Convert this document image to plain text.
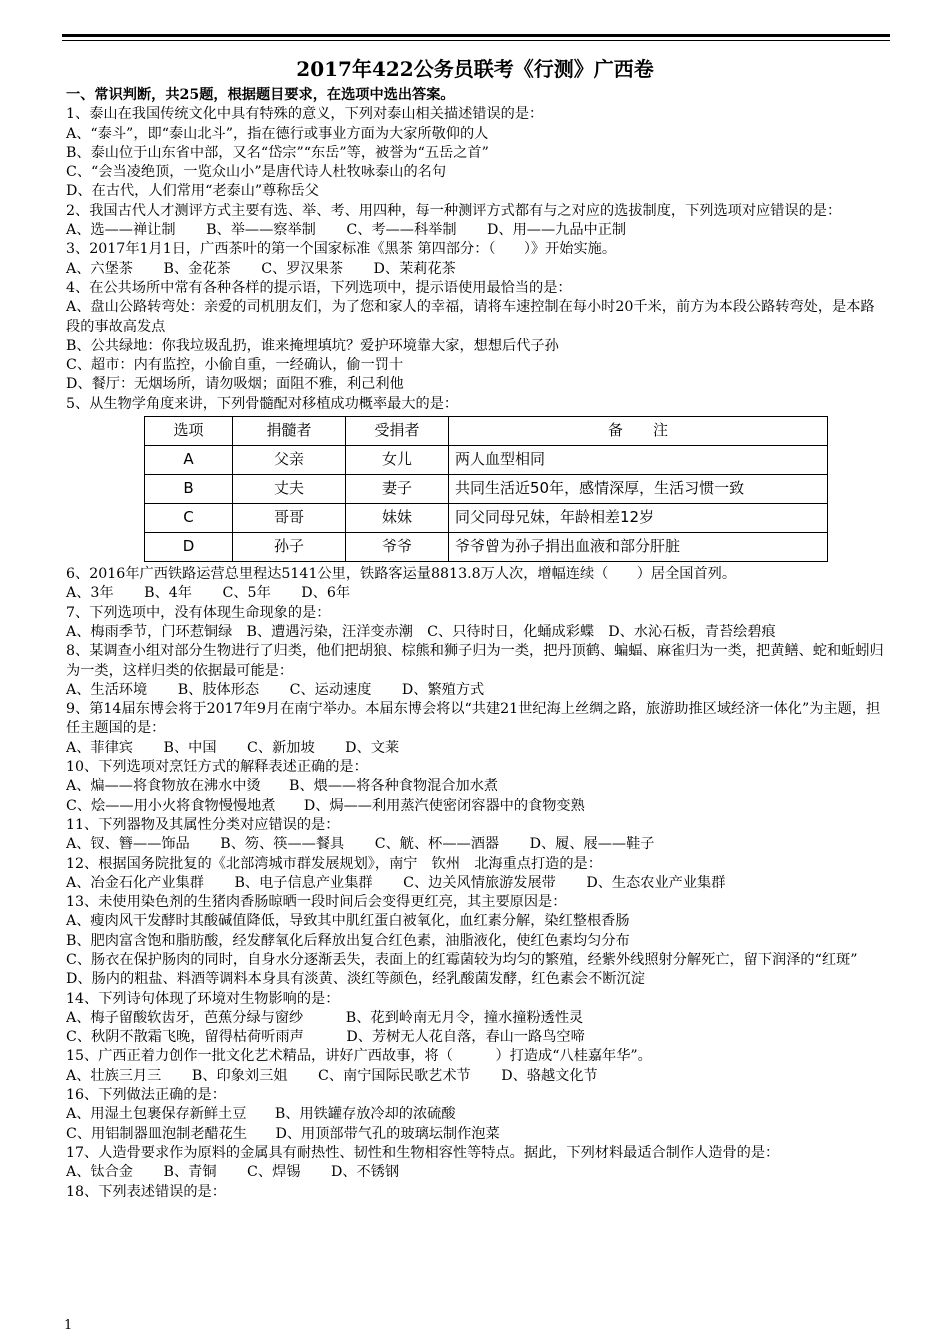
2017年422公务员联考《行测》广西卷
一、常识判断，共25题，根据题目要求，在选项中选出答案。
1、泰山在我国传统文化中具有特殊的意义，下列对泰山相关描述错误的是：
A、“泰斗”，即“泰山北斗”，指在德行或事业方面为大家所敬仰的人
B、泰山位于山东省中部，又名“岱宗”“东岳”等，被誉为“五岳之首”
C、“会当凌绝顶，一览众山小”是唐代诗人杜牧咏泰山的名句
D、在古代，人们常用“老泰山”尊称岳父
2、我国古代人才测评方式主要有选、举、考、用四种，每一种测评方式都有与之对应的选拔制度，下列选项对应错误的是：
A、选——禅让制 B、举——察举制 C、考——科举制 D、用——九品中正制
3、2017年1月1日，广西茶叶的第一个国家标准《黑茶 第四部分：（　　）》开始实施。
A、六堡茶 B、金花茶 C、罗汉果茶 D、茉莉花茶
4、在公共场所中常有各种各样的提示语，下列选项中，提示语使用最恰当的是：
A、盘山公路转弯处：亲爱的司机朋友们，为了您和家人的幸福，请将车速控制在每小时20千米，前方为本段公路转弯处，是本路段的事故高发点
B、公共绿地：你我垃圾乱扔，谁来掩埋填坑？爱护环境靠大家，想想后代子孙
C、超市：内有监控，小偷自重，一经确认，偷一罚十
D、餐厅：无烟场所，请勿吸烟；面阻不雅，利己利他
5、从生物学角度来讲，下列骨髓配对移植成功概率最大的是：
选项	捐髓者	受捐者	备　　注
A	父亲	女儿	两人血型相同
B	丈夫	妻子	共同生活近50年，感情深厚，生活习惯一致
C	哥哥	妹妹	同父同母兄妹，年龄相差12岁
D	孙子	爷爷	爷爷曾为孙子捐出血液和部分肝脏
6、2016年广西铁路运营总里程达5141公里，铁路客运量8813.8万人次，增幅连续（　　）居全国首列。
A、3年 B、4年 C、5年 D、6年
7、下列选项中，没有体现生命现象的是：
A、梅雨季节，门环惹铜绿　B、遭遇污染，汪洋变赤潮　C、只待时日，化蛹成彩蝶　D、水沁石板，青苔绘碧痕
8、某调查小组对部分生物进行了归类，他们把胡狼、棕熊和狮子归为一类，把丹顶鹤、蝙蝠、麻雀归为一类，把黄鳝、蛇和蚯蚓归为一类，这样归类的依据最可能是：
A、生活环境 B、肢体形态 C、运动速度 D、繁殖方式
9、第14届东博会将于2017年9月在南宁举办。本届东博会将以“共建21世纪海上丝绸之路，旅游助推区域经济一体化”为主题，担任主题国的是：
A、菲律宾 B、中国 C、新加坡 D、文莱
10、下列选项对烹饪方式的解释表述正确的是：
A、煸——将食物放在沸水中烫　　B、煨——将各种食物混合加水煮
C、烩——用小火将食物慢慢地煮　　D、焗——利用蒸汽使密闭容器中的食物变熟
11、下列器物及其属性分类对应错误的是：
A、钗、簪——饰品 B、笏、筷——餐具 C、觥、杯——酒器 D、履、屐——鞋子
12、根据国务院批复的《北部湾城市群发展规划》，南宁　钦州　北海重点打造的是：
A、冶金石化产业集群 B、电子信息产业集群 C、边关风情旅游发展带 D、生态农业产业集群
13、未使用染色剂的生猪肉香肠晾晒一段时间后会变得更红亮，其主要原因是：
A、瘦肉风干发酵时其酸碱值降低，导致其中肌红蛋白被氧化，血红素分解，染红整根香肠
B、肥肉富含饱和脂肪酸，经发酵氧化后释放出复合红色素，油脂液化，使红色素均匀分布
C、肠衣在保护肠肉的同时，自身水分逐渐丢失，表面上的红霉菌较为均匀的繁殖，经紫外线照射分解死亡，留下润泽的“红斑”
D、肠内的粗盐、料酒等调料本身具有淡黄、淡红等颜色，经乳酸菌发酵，红色素会不断沉淀
14、下列诗句体现了环境对生物影响的是：
A、梅子留酸软齿牙，芭蕉分绿与窗纱　　　B、花到岭南无月令，撞水撞粉透性灵
C、秋阴不散霜飞晚，留得枯荷听雨声　　　D、芳树无人花自落，春山一路鸟空啼
15、广西正着力创作一批文化艺术精品，讲好广西故事，将（　　　）打造成“八桂嘉年华”。
A、壮族三月三 B、印象刘三姐 C、南宁国际民歌艺术节 D、骆越文化节
16、下列做法正确的是：
A、用湿土包裹保存新鲜土豆　　B、用铁罐存放冷却的浓硫酸
C、用铝制器皿泡制老醋花生　　D、用顶部带气孔的玻璃坛制作泡菜
17、人造骨要求作为原料的金属具有耐热性、韧性和生物相容性等特点。据此，下列材料最适合制作人造骨的是：
A、钛合金 B、青铜 C、焊锡 D、不锈钢
18、下列表述错误的是：
1
